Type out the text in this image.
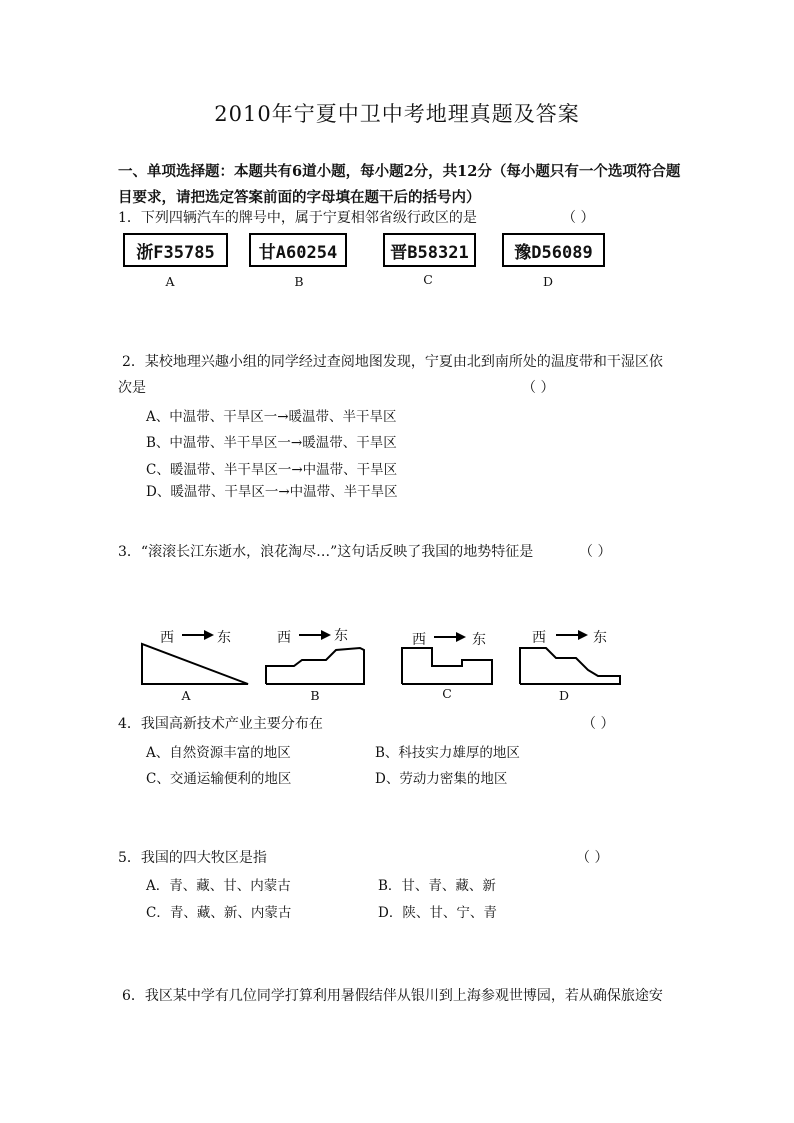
2010年宁夏中卫中考地理真题及答案
一、单项选择题：本题共有6道小题，每小题2分，共12分（每小题只有一个选项符合题
目要求，请把选定答案前面的字母填在题干后的括号内）
1．下列四辆汽车的牌号中，属于宁夏相邻省级行政区的是	（ ）
浙F35785	甘A60254	晋B58321	豫D56089
A	B	C	D
2．某校地理兴趣小组的同学经过查阅地图发现，宁夏由北到南所处的温度带和干湿区依
次是	（ ）
A、中温带、干旱区一→暖温带、半干旱区
B、中温带、半干旱区一→暖温带、干旱区
C、暖温带、半干旱区一→中温带、干旱区
D、暖温带、干旱区一→中温带、半干旱区
3．“滚滚长江东逝水，浪花淘尽…”这句话反映了我国的地势特征是	（ ）
西	东
A
西	东
B
西	东
C
西	东
D
4．我国高新技术产业主要分布在	（ ）
A、自然资源丰富的地区	B、科技实力雄厚的地区
C、交通运输便利的地区	D、劳动力密集的地区
5．我国的四大牧区是指	（ ）
A．青、藏、甘、内蒙古	B．甘、青、藏、新
C．青、藏、新、内蒙古	D．陕、甘、宁、青
6．我区某中学有几位同学打算利用暑假结伴从银川到上海参观世博园，若从确保旅途安
